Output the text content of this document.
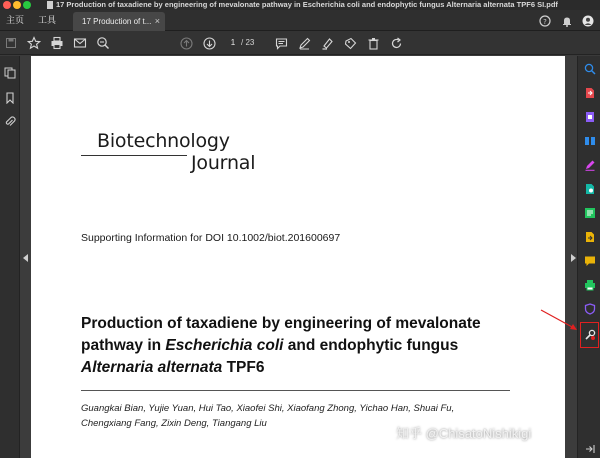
17 Production of taxadiene by engineering of mevalonate pathway in Escherichia coli and endophytic fungus Alternaria alternata TPF6 SI.pdf
主页 工具	17 Production of t... ×	?
1 / 23
Biotechnology
Journal
Supporting Information for DOI 10.1002/biot.201600697
Production of taxadiene by engineering of mevalonate pathway in Escherichia coli and endophytic fungus Alternaria alternata TPF6
Guangkai Bian, Yujie Yuan, Hui Tao, Xiaofei Shi, Xiaofang Zhong, Yichao Han, Shuai Fu,
Chengxiang Fang, Zixin Deng, Tiangang Liu
知乎 @ChisatoNishikigi
